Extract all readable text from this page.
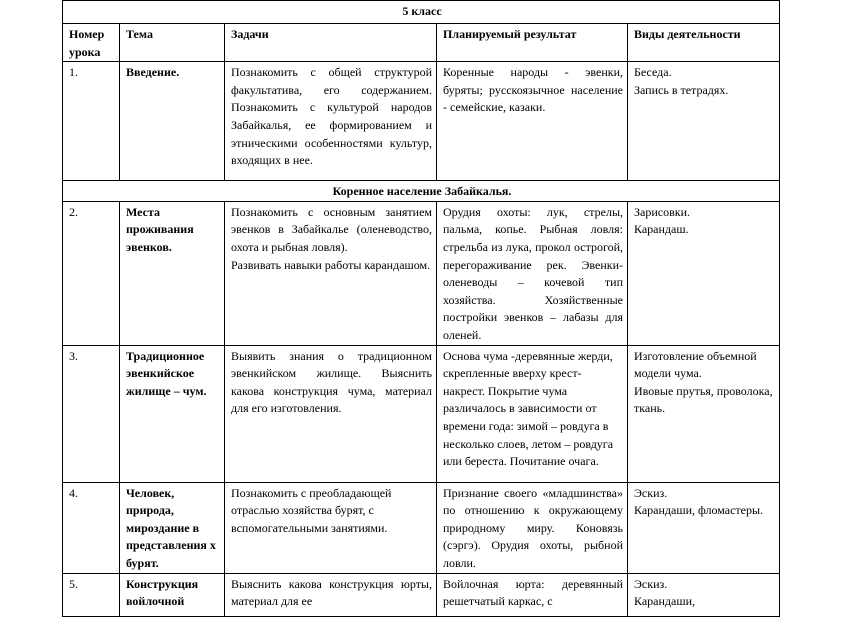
5 класс				
Номер урока	Тема	Задачи	Планируемый результат	Виды деятельности
1.	Введение.	Познакомить с общей структурой факультатива, его содержанием. Познакомить с культурой народов Забайкалья, ее формированием и этническими особенностями культур, входящих в нее.	Коренные народы - эвенки, буряты; русскоязычное население - семейские, казаки.	Беседа.
Запись в тетрадях.

Коренное население Забайкалья.				
2.	Места проживания эвенков.	Познакомить с основным занятием эвенков в Забайкалье (оленеводство, охота и рыбная ловля).
Развивать навыки работы карандашом.	Орудия охоты: лук, стрелы, пальма, копье. Рыбная ловля: стрельба из лука, прокол острогой, перегораживание рек. Эвенки-оленеводы – кочевой тип хозяйства. Хозяйственные постройки эвенков – лабазы для оленей.	Зарисовки.
Карандаш.

3.	Традиционное эвенкийское жилище – чум.	Выявить знания о традиционном эвенкийском жилище. Выяснить какова конструкция чума, материал для его изготовления.	Основа чума -деревянные жерди, скрепленные вверху крест-накрест. Покрытие чума различалось в зависимости от времени года: зимой – ровдуга в несколько слоев, летом – ровдуга или береста. Почитание очага.	Изготовление объемной модели чума.
Ивовые прутья, проволока, ткань.

4.	Человек, природа, мироздание в представления х бурят.	Познакомить с преобладающей отраслью хозяйства бурят, с вспомогательными занятиями.	Признание своего «младшинства» по отношению к окружающему природному миру. Коновязь (сэргэ). Орудия охоты, рыбной ловли.	Эскиз.
Карандаши, фломастеры.

5.	Конструкция войлочной	Выяснить какова конструкция юрты, материал для ее	Войлочная юрта: деревянный решетчатый каркас, с	Эскиз.
Карандаши,
